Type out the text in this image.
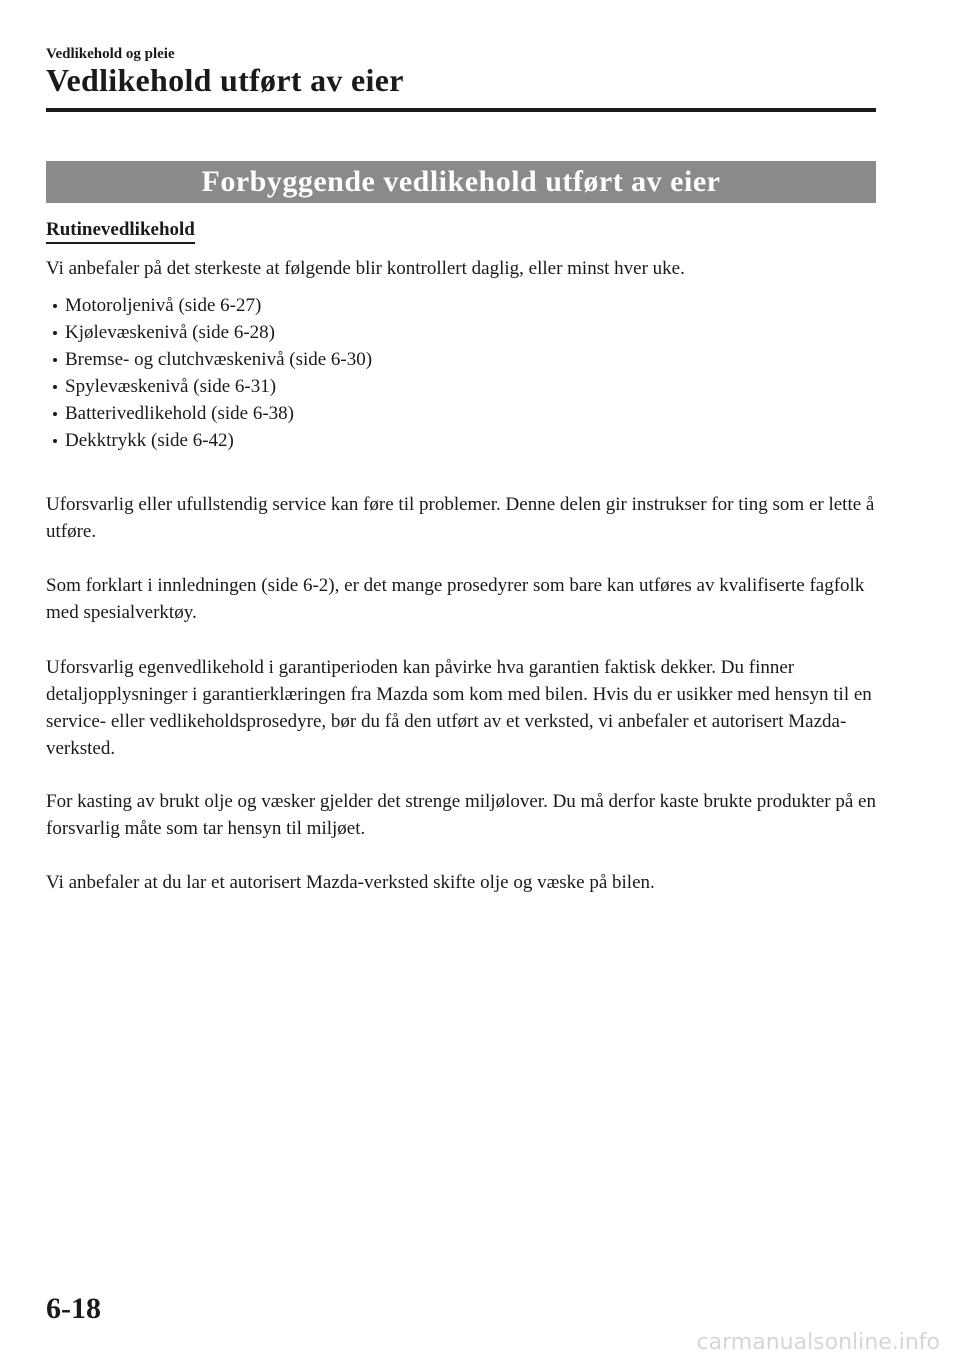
Vedlikehold og pleie
Vedlikehold utført av eier
Forbyggende vedlikehold utført av eier
Rutinevedlikehold

Vi anbefaler på det sterkeste at følgende blir kontrollert daglig, eller minst hver uke.

Motoroljenivå (side 6-27)
Kjølevæskenivå (side 6-28)
Bremse- og clutchvæskenivå (side 6-30)
Spylevæskenivå (side 6-31)
Batterivedlikehold (side 6-38)
Dekktrykk (side 6-42)

Uforsvarlig eller ufullstendig service kan føre til problemer. Denne delen gir instrukser for ting som er lette å utføre.

Som forklart i innledningen (side 6-2), er det mange prosedyrer som bare kan utføres av kvalifiserte fagfolk med spesialverktøy.

Uforsvarlig egenvedlikehold i garantiperioden kan påvirke hva garantien faktisk dekker. Du finner detaljopplysninger i garantierklæringen fra Mazda som kom med bilen. Hvis du er usikker med hensyn til en service- eller vedlikeholdsprosedyre, bør du få den utført av et verksted, vi anbefaler et autorisert Mazda-verksted.

For kasting av brukt olje og væsker gjelder det strenge miljølover. Du må derfor kaste brukte produkter på en forsvarlig måte som tar hensyn til miljøet.

Vi anbefaler at du lar et autorisert Mazda-verksted skifte olje og væske på bilen.

6-18
carmanualsonline.info
